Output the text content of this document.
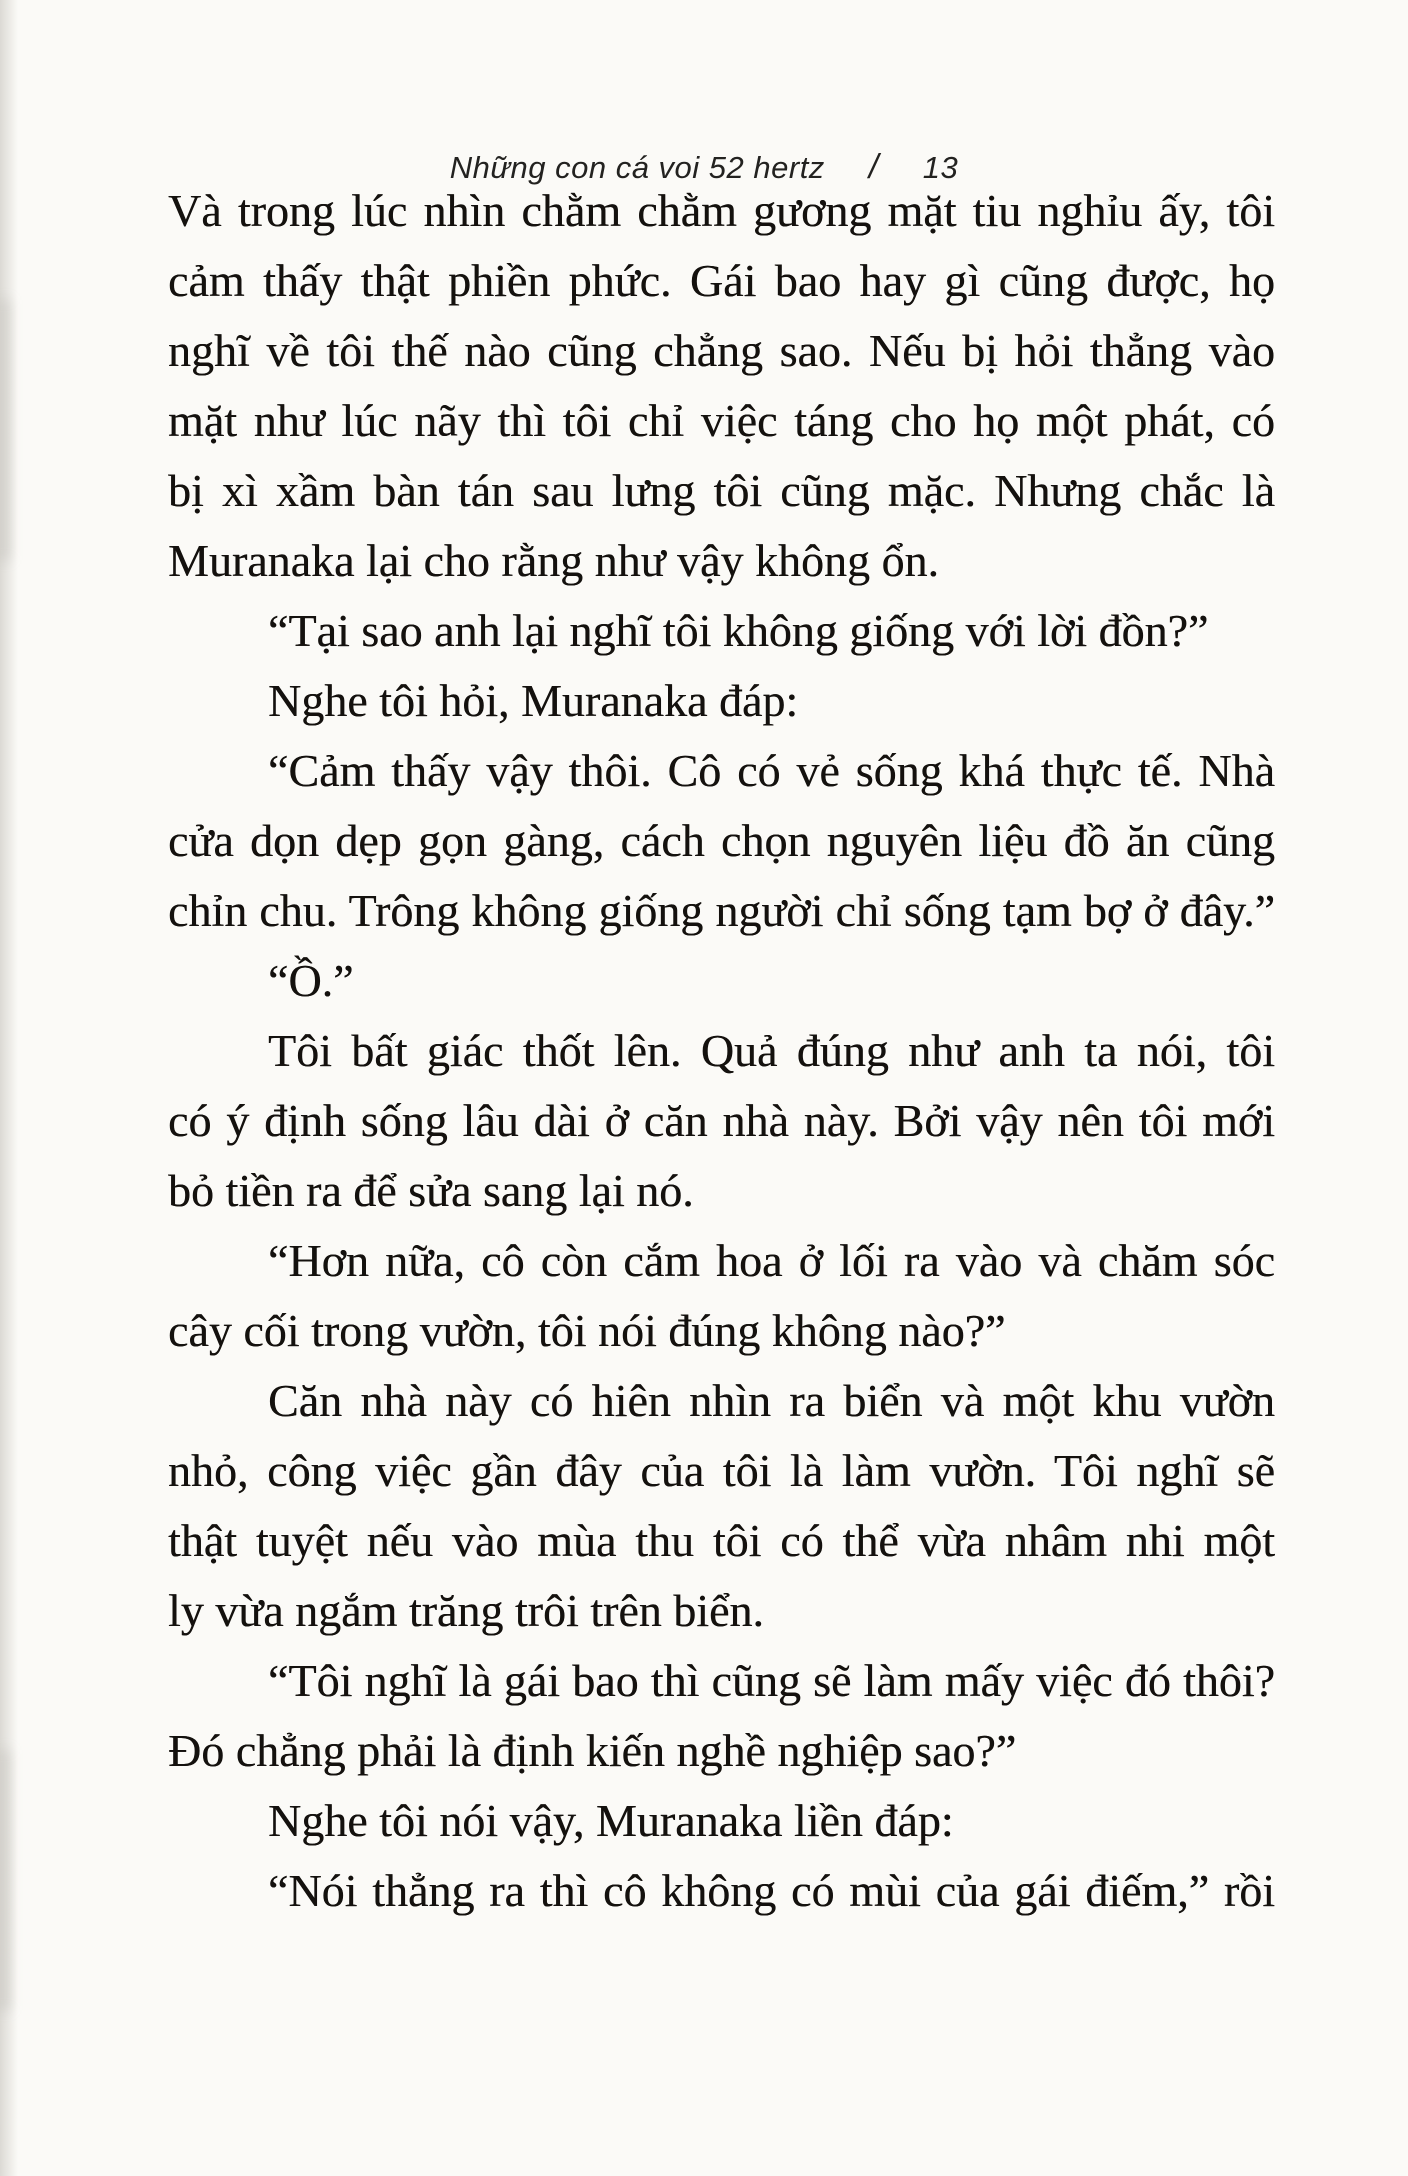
Những con cá voi 52 hertz / 13
Và trong lúc nhìn chằm chằm gương mặt tiu nghỉu ấy, tôi
cảm thấy thật phiền phức. Gái bao hay gì cũng được, họ
nghĩ về tôi thế nào cũng chẳng sao. Nếu bị hỏi thẳng vào
mặt như lúc nãy thì tôi chỉ việc táng cho họ một phát, có
bị xì xầm bàn tán sau lưng tôi cũng mặc. Nhưng chắc là
Muranaka lại cho rằng như vậy không ổn.
“Tại sao anh lại nghĩ tôi không giống với lời đồn?”
Nghe tôi hỏi, Muranaka đáp:
“Cảm thấy vậy thôi. Cô có vẻ sống khá thực tế. Nhà
cửa dọn dẹp gọn gàng, cách chọn nguyên liệu đồ ăn cũng
chỉn chu. Trông không giống người chỉ sống tạm bợ ở đây.”
“Ồ.”
Tôi bất giác thốt lên. Quả đúng như anh ta nói, tôi
có ý định sống lâu dài ở căn nhà này. Bởi vậy nên tôi mới
bỏ tiền ra để sửa sang lại nó.
“Hơn nữa, cô còn cắm hoa ở lối ra vào và chăm sóc
cây cối trong vườn, tôi nói đúng không nào?”
Căn nhà này có hiên nhìn ra biển và một khu vườn
nhỏ, công việc gần đây của tôi là làm vườn. Tôi nghĩ sẽ
thật tuyệt nếu vào mùa thu tôi có thể vừa nhâm nhi một
ly vừa ngắm trăng trôi trên biển.
“Tôi nghĩ là gái bao thì cũng sẽ làm mấy việc đó thôi?
Đó chẳng phải là định kiến nghề nghiệp sao?”
Nghe tôi nói vậy, Muranaka liền đáp:
“Nói thẳng ra thì cô không có mùi của gái điếm,” rồi
